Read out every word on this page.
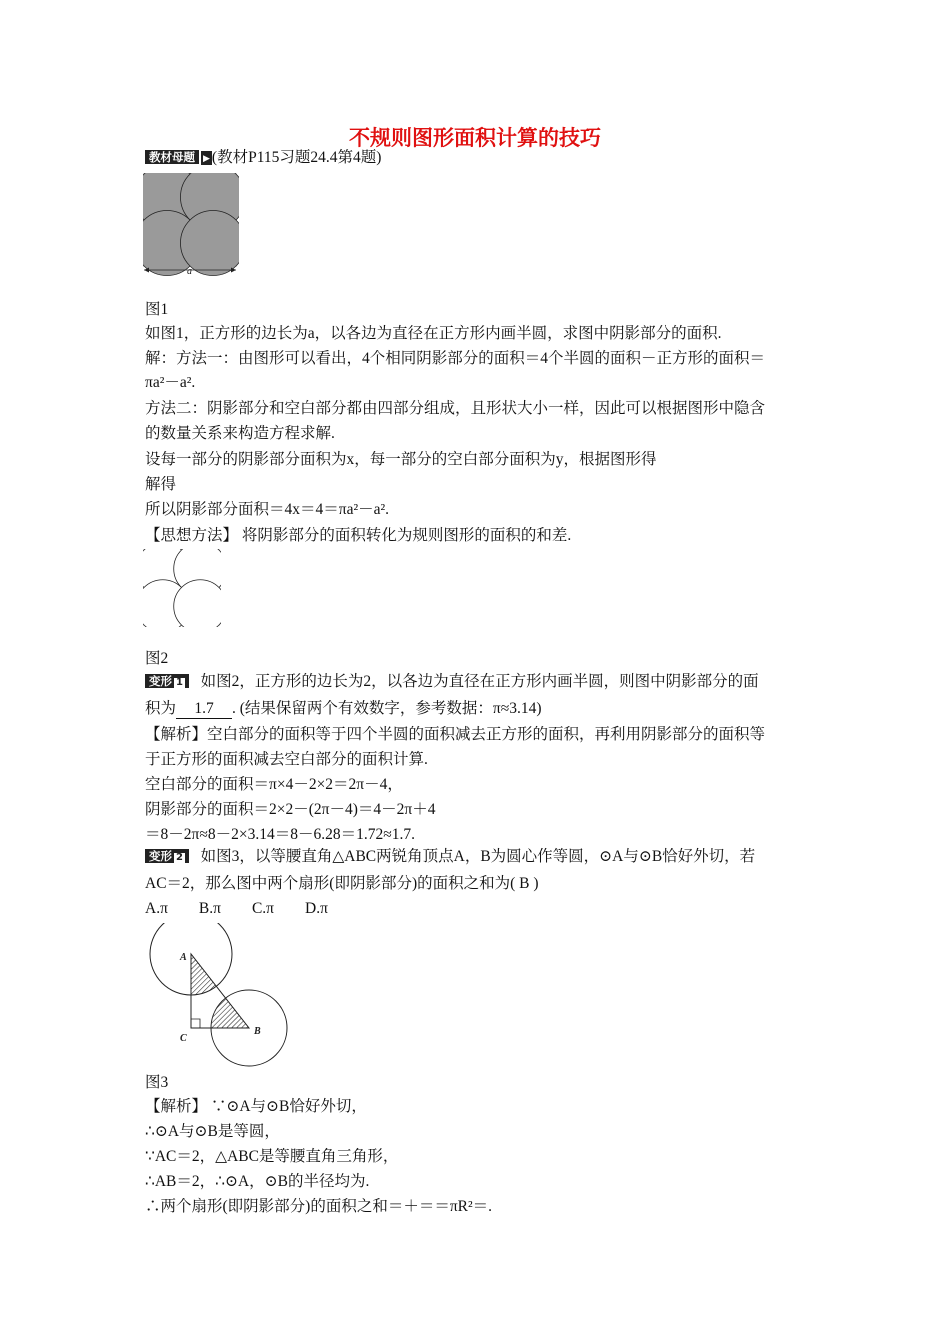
不规则图形面积计算的技巧
教材母题 ▶ (教材P115习题24.4第4题)
a
图1
如图1，正方形的边长为a，以各边为直径在正方形内画半圆，求图中阴影部分的面积.
解：方法一：由图形可以看出，4个相同阴影部分的面积＝4个半圆的面积－正方形的面积＝
πa²－a².
方法二：阴影部分和空白部分都由四部分组成，且形状大小一样，因此可以根据图形中隐含
的数量关系来构造方程求解.
设每一部分的阴影部分面积为x，每一部分的空白部分面积为y，根据图形得
解得
所以阴影部分面积＝4x＝4＝πa²－a².
【思想方法】 将阴影部分的面积转化为规则图形的面积的和差.
图2
变形 1 如图2，正方形的边长为2，以各边为直径在正方形内画半圆，则图中阴影部分的面
积为 1.7 . (结果保留两个有效数字，参考数据：π≈3.14)
【解析】空白部分的面积等于四个半圆的面积减去正方形的面积，再利用阴影部分的面积等
于正方形的面积减去空白部分的面积计算.
空白部分的面积＝π×4－2×2＝2π－4，
阴影部分的面积＝2×2－(2π－4)＝4－2π＋4
＝8－2π≈8－2×3.14＝8－6.28＝1.72≈1.7.
变形 2 如图3，以等腰直角△ABC两锐角顶点A，B为圆心作等圆，⊙A与⊙B恰好外切，若
AC＝2，那么图中两个扇形(即阴影部分)的面积之和为( B )
A.π B.π C.π D.π
A
B
C
图3
【解析】 ∵⊙A与⊙B恰好外切，
∴⊙A与⊙B是等圆，
∵AC＝2，△ABC是等腰直角三角形，
∴AB＝2，∴⊙A，⊙B的半径均为.
∴两个扇形(即阴影部分)的面积之和＝＋＝＝πR²＝.
